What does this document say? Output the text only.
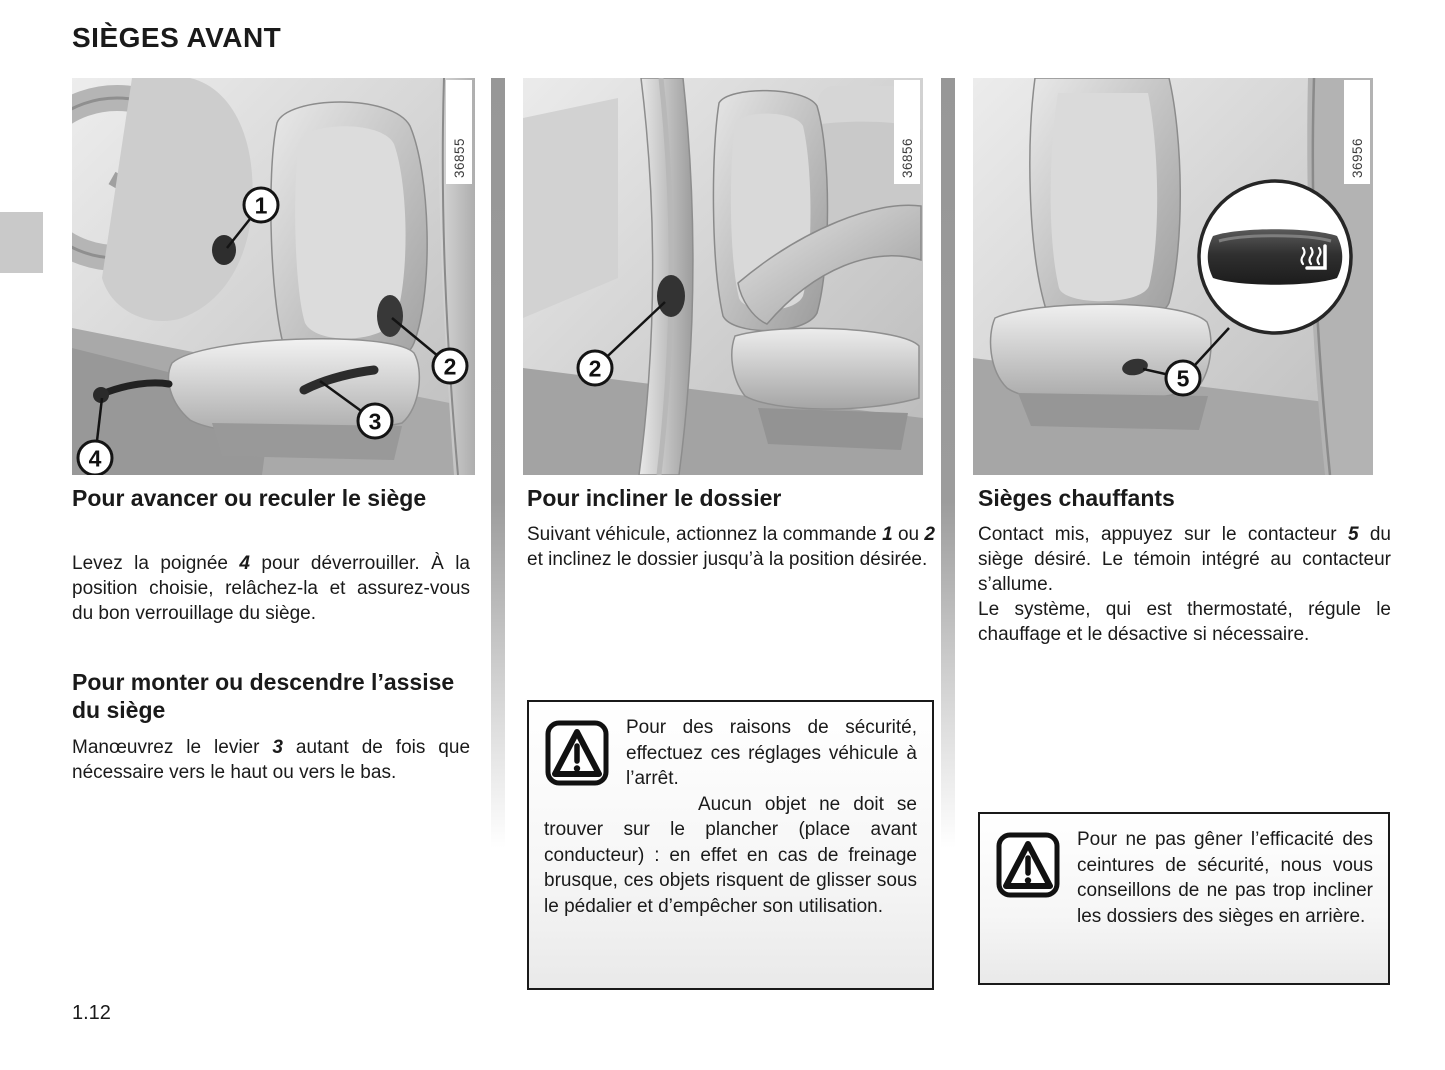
SIÈGES AVANT
36855
1
2
3
4
36856
2
36956
5
Pour avancer ou reculer le siège

Levez la poignée 4 pour déverrouiller. À la position choisie, relâchez-la et assurez-vous du bon verrouillage du siège.

Pour monter ou descendre l’assise du siège

Manœuvrez le levier 3 autant de fois que nécessaire vers le haut ou vers le bas.

Pour incliner le dossier

Suivant véhicule, actionnez la commande 1 ou 2 et inclinez le dossier jusqu’à la position désirée.

Pour des raisons de sécurité, effectuez ces réglages véhicule à l’arrêt.

Aucun objet ne doit se trouver sur le plancher (place avant conducteur) : en effet en cas de freinage brusque, ces objets risquent de glisser sous le pédalier et d’empêcher son utilisation.

Sièges chauffants

Contact mis, appuyez sur le contacteur 5 du siège désiré. Le témoin intégré au contacteur s’allume.

Le système, qui est thermostaté, régule le chauffage et le désactive si nécessaire.

Pour ne pas gêner l’efficacité des ceintures de sécurité, nous vous conseillons de ne pas trop incliner les dossiers des sièges en arrière.

1.12
